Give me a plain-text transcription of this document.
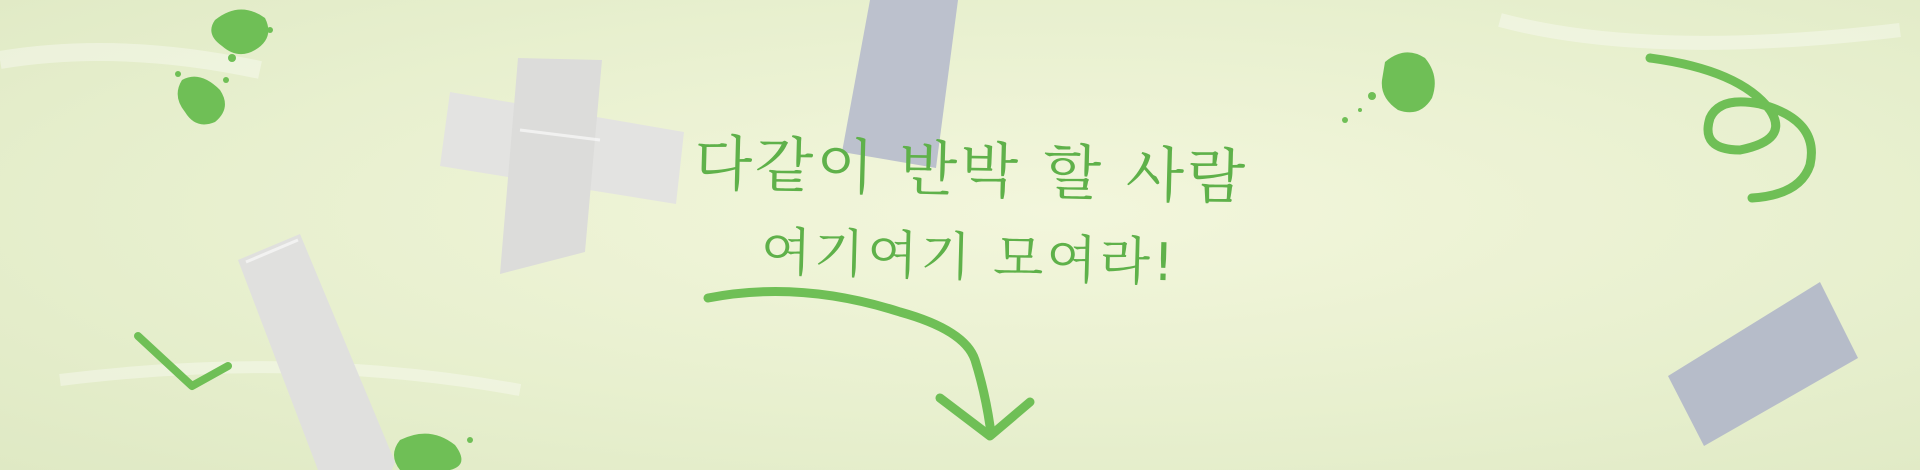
다같이 반박 할 사람
여기여기 모여라!
